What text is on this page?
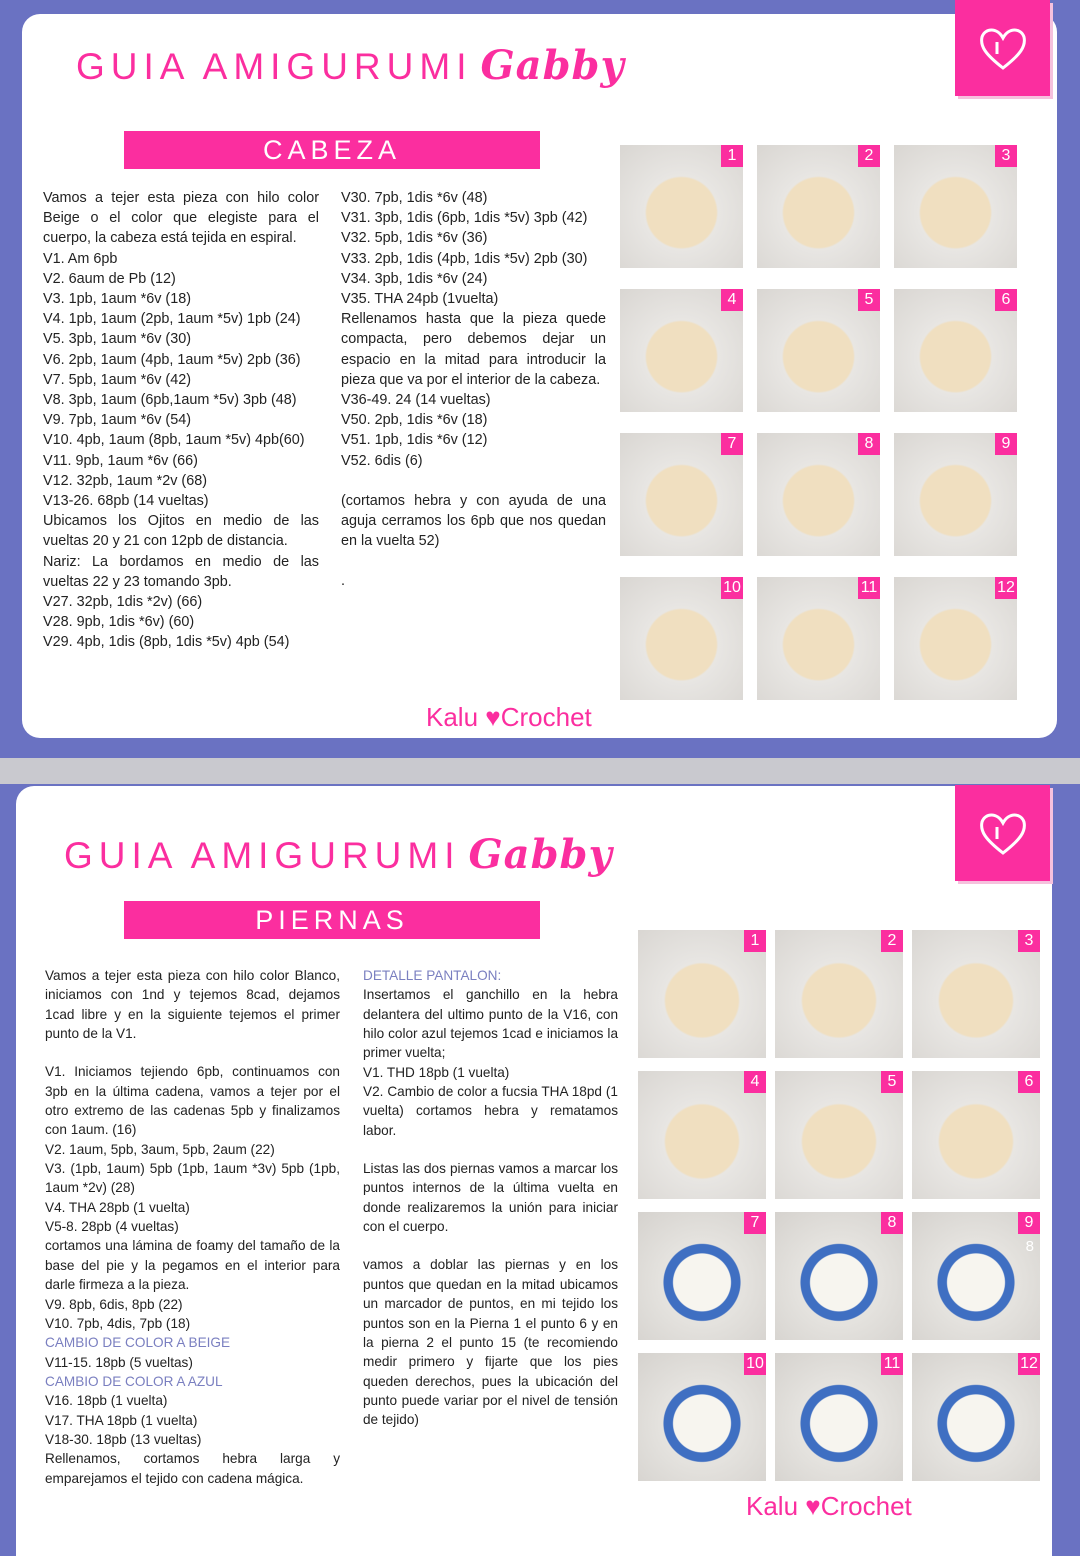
GUIA AMIGURUMI Gabby
CABEZA

Vamos a tejer esta pieza con hilo color Beige o el color que elegiste para el cuerpo, la cabeza está tejida en espiral.

V1. Am 6pb

V2. 6aum de Pb (12)

V3. 1pb, 1aum *6v (18)

V4. 1pb, 1aum (2pb, 1aum *5v) 1pb (24)

V5. 3pb, 1aum *6v (30)

V6. 2pb, 1aum (4pb, 1aum *5v) 2pb (36)

V7. 5pb, 1aum *6v (42)

V8. 3pb, 1aum (6pb,1aum *5v) 3pb (48)

V9. 7pb, 1aum *6v (54)

V10. 4pb, 1aum (8pb, 1aum *5v) 4pb(60)

V11. 9pb, 1aum *6v (66)

V12. 32pb, 1aum *2v (68)

V13-26. 68pb (14 vueltas)

Ubicamos los Ojitos en medio de las vueltas 20 y 21 con 12pb de distancia.

Nariz: La bordamos en medio de las vueltas 22 y 23 tomando 3pb.

V27. 32pb, 1dis *2v) (66)

V28. 9pb, 1dis *6v) (60)

V29. 4pb, 1dis (8pb, 1dis *5v) 4pb (54)

V30. 7pb, 1dis *6v (48)

V31. 3pb, 1dis (6pb, 1dis *5v) 3pb (42)

V32. 5pb, 1dis *6v (36)

V33. 2pb, 1dis (4pb, 1dis *5v) 2pb (30)

V34. 3pb, 1dis *6v (24)

V35. THA 24pb (1vuelta)

Rellenamos hasta que la pieza quede compacta, pero debemos dejar un espacio en la mitad para introducir la pieza que va por el interior de la cabeza.

V36-49. 24 (14 vueltas)

V50. 2pb, 1dis *6v (18)

V51. 1pb, 1dis *6v (12)

V52. 6dis (6)

(cortamos hebra y con ayuda de una aguja cerramos los 6pb que nos quedan en la vuelta 52)

.

1	2	3
4	5	6
7	8	9
10	11	12
Kalu ♥Crochet
GUIA AMIGURUMI Gabby
PIERNAS

Vamos a tejer esta pieza con hilo color Blanco, iniciamos con 1nd y tejemos 8cad, dejamos 1cad libre y en la siguiente tejemos el primer punto de la V1.

V1. Iniciamos tejiendo 6pb, continuamos con 3pb en la última cadena, vamos a tejer por el otro extremo de las cadenas 5pb y finalizamos con 1aum. (16)

V2. 1aum, 5pb, 3aum, 5pb, 2aum (22)

V3. (1pb, 1aum) 5pb (1pb, 1aum *3v) 5pb (1pb, 1aum *2v) (28)

V4. THA 28pb (1 vuelta)

V5-8. 28pb (4 vueltas)

cortamos una lámina de foamy del tamaño de la base del pie y la pegamos en el interior para darle firmeza a la pieza.

V9. 8pb, 6dis, 8pb (22)

V10. 7pb, 4dis, 7pb (18)

CAMBIO DE COLOR A BEIGE

V11-15. 18pb (5 vueltas)

CAMBIO DE COLOR A AZUL

V16. 18pb (1 vuelta)

V17. THA 18pb (1 vuelta)

V18-30. 18pb (13 vueltas)

Rellenamos, cortamos hebra larga y emparejamos el tejido con cadena mágica.

DETALLE PANTALON:

Insertamos el ganchillo en la hebra delantera del ultimo punto de la V16, con hilo color azul tejemos 1cad e iniciamos la primer vuelta;

V1. THD 18pb (1 vuelta)

V2. Cambio de color a fucsia THA 18pd (1 vuelta) cortamos hebra y rematamos labor.

Listas las dos piernas vamos a marcar los puntos internos de la última vuelta en donde realizaremos la unión para iniciar con el cuerpo.

vamos a doblar las piernas y en los puntos que quedan en la mitad ubicamos un marcador de puntos, en mi tejido los puntos son en la Pierna 1 el punto 6 y en la pierna 2 el punto 15 (te recomiendo medir primero y fijarte que los pies queden derechos, pues la ubicación del punto puede variar por el nivel de tensión de tejido)

1	2	3
4	5	6
7	8	9
8
10	11	12
Kalu ♥Crochet
